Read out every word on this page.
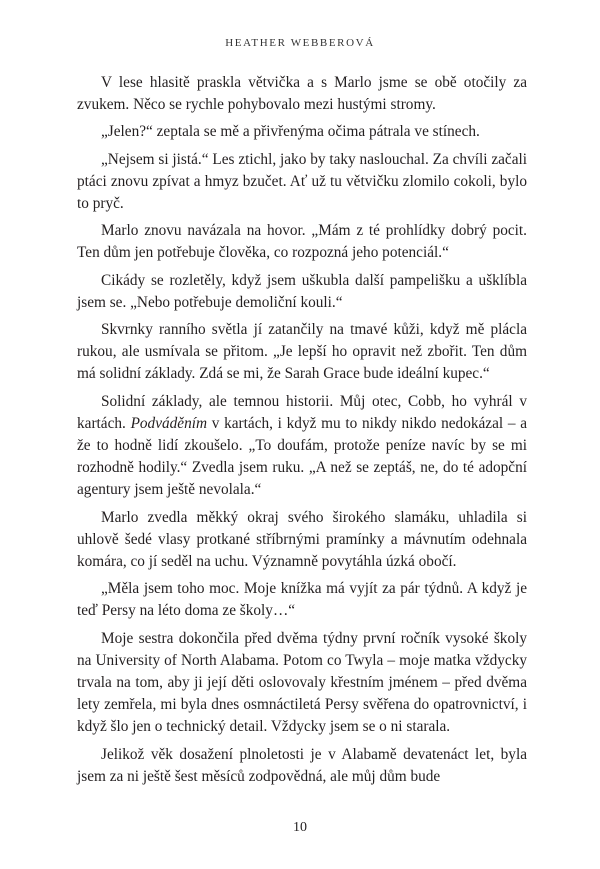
HEATHER WEBBEROVÁ

V lese hlasitě praskla větvička a s Marlo jsme se obě otočily za zvukem. Něco se rychle pohybovalo mezi hustými stromy.

„Jelen?“ zeptala se mě a přivřenýma očima pátrala ve stínech.

„Nejsem si jistá.“ Les ztichl, jako by taky naslouchal. Za chvíli začali ptáci znovu zpívat a hmyz bzučet. Ať už tu větvičku zlomilo cokoli, bylo to pryč.

Marlo znovu navázala na hovor. „Mám z té prohlídky dobrý pocit. Ten dům jen potřebuje člověka, co rozpozná jeho potenciál.“

Cikády se rozletěly, když jsem uškubla další pampelišku a ušklíbla jsem se. „Nebo potřebuje demoliční kouli.“

Skvrnky ranního světla jí zatančily na tmavé kůži, když mě plácla rukou, ale usmívala se přitom. „Je lepší ho opravit než zbořit. Ten dům má solidní základy. Zdá se mi, že Sarah Grace bude ideální kupec.“

Solidní základy, ale temnou historii. Můj otec, Cobb, ho vyhrál v kartách. Podváděním v kartách, i když mu to nikdy nikdo nedokázal – a že to hodně lidí zkoušelo. „To doufám, protože peníze navíc by se mi rozhodně hodily.“ Zvedla jsem ruku. „A než se zeptáš, ne, do té adopční agentury jsem ještě nevolala.“

Marlo zvedla měkký okraj svého širokého slamáku, uhladila si uhlově šedé vlasy protkané stříbrnými pramínky a mávnutím odehnala komára, co jí seděl na uchu. Významně povytáhla úzká obočí.

„Měla jsem toho moc. Moje knížka má vyjít za pár týdnů. A když je teď Persy na léto doma ze školy…“

Moje sestra dokončila před dvěma týdny první ročník vysoké školy na University of North Alabama. Potom co Twyla – moje matka vždycky trvala na tom, aby ji její děti oslovovaly křestním jménem – před dvěma lety zemřela, mi byla dnes osmnáctiletá Persy svěřena do opatrovnictví, i když šlo jen o technický detail. Vždycky jsem se o ni starala.

Jelikož věk dosažení plnoletosti je v Alabamě devatenáct let, byla jsem za ni ještě šest měsíců zodpovědná, ale můj dům bude

10
